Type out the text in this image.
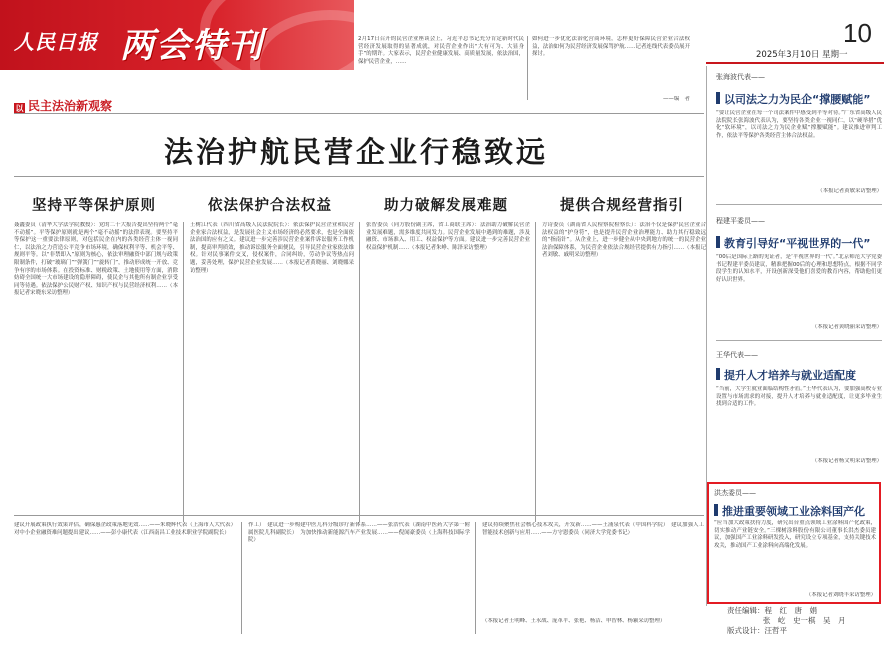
人民日报 两会特刊	2月17日召开的民营企业座谈会上，习近平总书记充分肯定新时代民营经济发展取得的显著成就，对民营企业作出“大有可为、大显身手”的期许。大家表示，民营企业健康发展、高质量发展，依法治国，保护民营企业，……
如何进一步优化法治化营商环境，怎样更好保障民营企业合法权益，法治如何为民营经济发展保驾护航……记者连线代表委员展开探讨。
——编　者
10
2025年3月10日 星期一
以 民主法治新观察
法治护航民营企业行稳致远
坚持平等保护原则	依法保护合法权益	助力破解发展难题	提供合规经营指引
聂鑫委员（清华大学法学院教授）：党的二十大报告提出坚持两个“毫不动摇”。平等保护原则就是两个“毫不动摇”的法律表现。要坚持平等保护这一重要法律原则，对包括民企在内的各类经营主体一视同仁，以法治之力营造公平竞争市场环境，确保权利平等、机会平等、规则平等。以“非禁即入”原则为核心，依法审理融资中部门规与政策限制条件，打破“玻璃门”“弹簧门”“旋转门”，推动形成统一开放、竞争有序的市场体系。在投资标准、财税政策、土地使用等方面，消除妨碍全国统一大市场建设的隐形障碍，使民企与其他所有制企业享受同等待遇。依法保护公民财产权、知识产权与民营经济权利……（本报记者宋晓东采访整理）
王树江代表（四川省高级人民法院院长）：依法保护民营企业和民营企业家合法权益，是发展社会主义市场经济的必然要求，也是全面依法治国的应有之义。建议进一步完善涉民营企业案件诉讼服务工作机制，提高审判质效，推动诉讼服务全面便民，引导民营企业家依法维权。针对民事案件交叉，侵权案件，合同纠纷，劳动争议等热点问题，妥善处理，保护民营企业发展……（本报记者黄晓丽、刘晓娜采访整理）
张智委员（同方股份副主席，省工商联主席）：法治助力破解民营企业发展难题，需多维度共同发力。民营企业发展中遇到的难题，涉及融资、市场准入、用工、权益保护等方面。建议进一步完善民营企业权益保护机制……（本报记者朱峥、陈泽采访整理）
方诗委员（湖南省人民检察院检察长）：法治不仅是保护民营企业合法权益的“护身符”，也是提升民营企业治理能力、助力其行稳致远的“指南针”。从企业上，进一步健全从中央到地方的统一的民营企业法治保障体系，为民营企业依法合规经营提供有力指引……（本报记者刘敏、戚明采访整理）
建议开展政策执行效果评估，确保惠企政策落地见效……——朱晓辉代表（上海市人大代表）对中小企业融资难问题提出建议……——彭小康代表（江西南昌工业技术职业学院副院长）
作工）　建议进一步构建中医儿科分级诊疗新体系……——张浩代表（湖南中医药大学第一附属医院儿科副院长）　为加快推动新能源汽车产业发展……——倪闻豪委员（上海科技国际学院）
建议持续聚焦社会核心技术攻关，开发新……——王涌泉代表（中国科学院）　建议加强人工智能技术创新与应用……——方守恩委员（同济大学党委书记）
（本报记者王明峰、王永战、庞革平、张艳、杨洁、申智林、杨颖采访整理）
张海波代表——
以司法之力为民企“撑腰赋能”
“要让民营企业在每一个司法案件中感受到平等对待。”广东省高级人民法院院长张海波代表认为，要坚持各类企业一视同仁，以“硬举措”优化“软环境”，以司法之力为民企业赋“撑腰赋能”。建议推进审判工作，依法平等保护各类经营主体合法权益。
（本报记者黄敏采访整理）
程建平委员——
教育引导好“平视世界的一代”
“00后是国际上路的见证者，是‘平视世界的一代’。”北京师范大学党委书记程建平委员建议，精准把握00后的心理和思想特点，根据不同学段学生的认知水平，开设创新深受他们喜爱的教育内容，帮助他们更好认识世界。
（本报记者黄晓丽采访整理）
王华代表——
提升人才培养与就业适配度
“当前，大学生就业面临结构性矛盾。”王华代表认为，要加强高校专业设置与市场需求的对接，提升人才培养与就业适配度，让更多毕业生找到合适的工作。
（本报记者杨文明采访整理）
洪杰委员——
推进重要领域工业涂料国产化
“应当加大政策扶持力度，研究出台重点领域工业涂料国产化政策，切实推动产业链安全。”三棵树涂料股份有限公司董事长洪杰委员建议，加强国产工业涂料研发投入，研究设立专项基金，支持关键技术攻关，推动国产工业涂料向高端化发展。
（本报记者刘晓丰采访整理）
责任编辑：程　红　唐　娟
张　屹　史一棋　吴　月
版式设计：汪哲平
